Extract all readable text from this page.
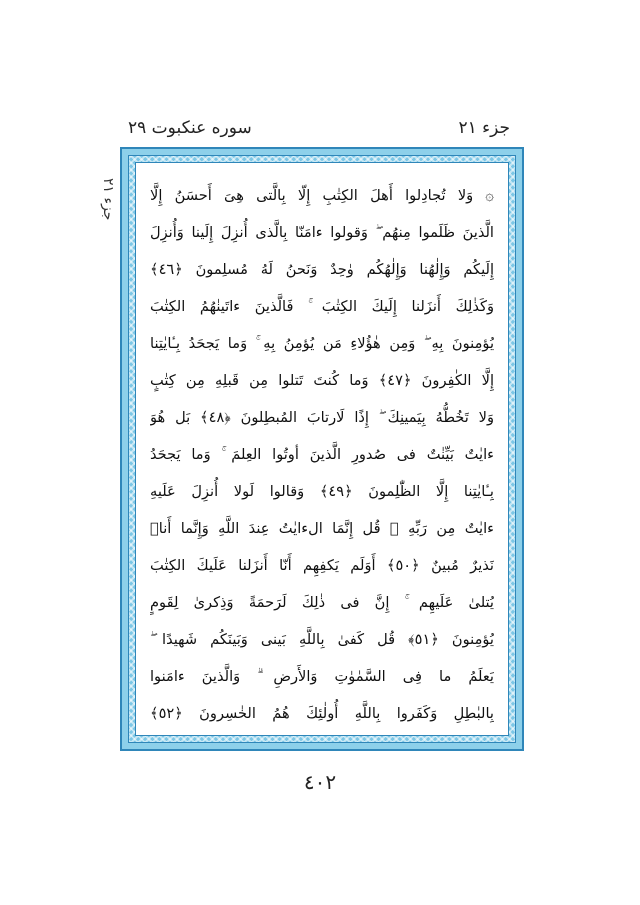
سوره عنكبوت ٢٩	جزء ٢١
جزء ٢١ ۞ وَلا تُجادِلوا أَهلَ الكِتٰبِ إِلّا بِالَّتى هِىَ أَحسَنُ إِلَّا
الَّذينَ ظَلَموا مِنهُم ۖ وَقولوا ءامَنّا بِالَّذى أُنزِلَ إِلَينا وَأُنزِلَ
إِلَيكُم وَإِلٰهُنا وَإِلٰهُكُم وٰحِدٌ وَنَحنُ لَهُ مُسلِمونَ ﴿٤٦﴾
وَكَذٰلِكَ أَنزَلنا إِلَيكَ الكِتٰبَ ۚ فَالَّذينَ ءاتَينٰهُمُ الكِتٰبَ
يُؤمِنونَ بِهِ ۖ وَمِن هٰؤُلاءِ مَن يُؤمِنُ بِهِ ۚ وَما يَجحَدُ بِـٔايٰتِنا
إِلَّا الكٰفِرونَ ﴿٤٧﴾ وَما كُنتَ تَتلوا مِن قَبلِهِ مِن كِتٰبٍ
وَلا تَخُطُّهُ بِيَمينِكَ ۖ إِذًا لَارتابَ المُبطِلونَ ﴿٤٨﴾ بَل هُوَ
ءايٰتٌ بَيِّنٰتٌ فى صُدورِ الَّذينَ أوتُوا العِلمَ ۚ وَما يَجحَدُ
بِـٔايٰتِنا إِلَّا الظّٰلِمونَ ﴿٤٩﴾ وَقالوا لَولا أُنزِلَ عَلَيهِ
ءايٰتٌ مِن رَبِّهِ ۖ قُل إِنَّمَا الءايٰتُ عِندَ اللَّهِ وَإِنَّما أَنا۠
نَذيرٌ مُبينٌ ﴿٥٠﴾ أَوَلَم يَكفِهِم أَنّا أَنزَلنا عَلَيكَ الكِتٰبَ
يُتلىٰ عَلَيهِم ۚ إِنَّ فى ذٰلِكَ لَرَحمَةً وَذِكرىٰ لِقَومٍ
يُؤمِنونَ ﴿٥١﴾ قُل كَفىٰ بِاللَّهِ بَينى وَبَينَكُم شَهيدًا ۖ
يَعلَمُ ما فِى السَّمٰوٰتِ وَالأَرضِ ۗ وَالَّذينَ ءامَنوا
بِالبٰطِلِ وَكَفَروا بِاللَّهِ أُولٰئِكَ هُمُ الخٰسِرونَ ﴿٥٢﴾
٤٠٢
